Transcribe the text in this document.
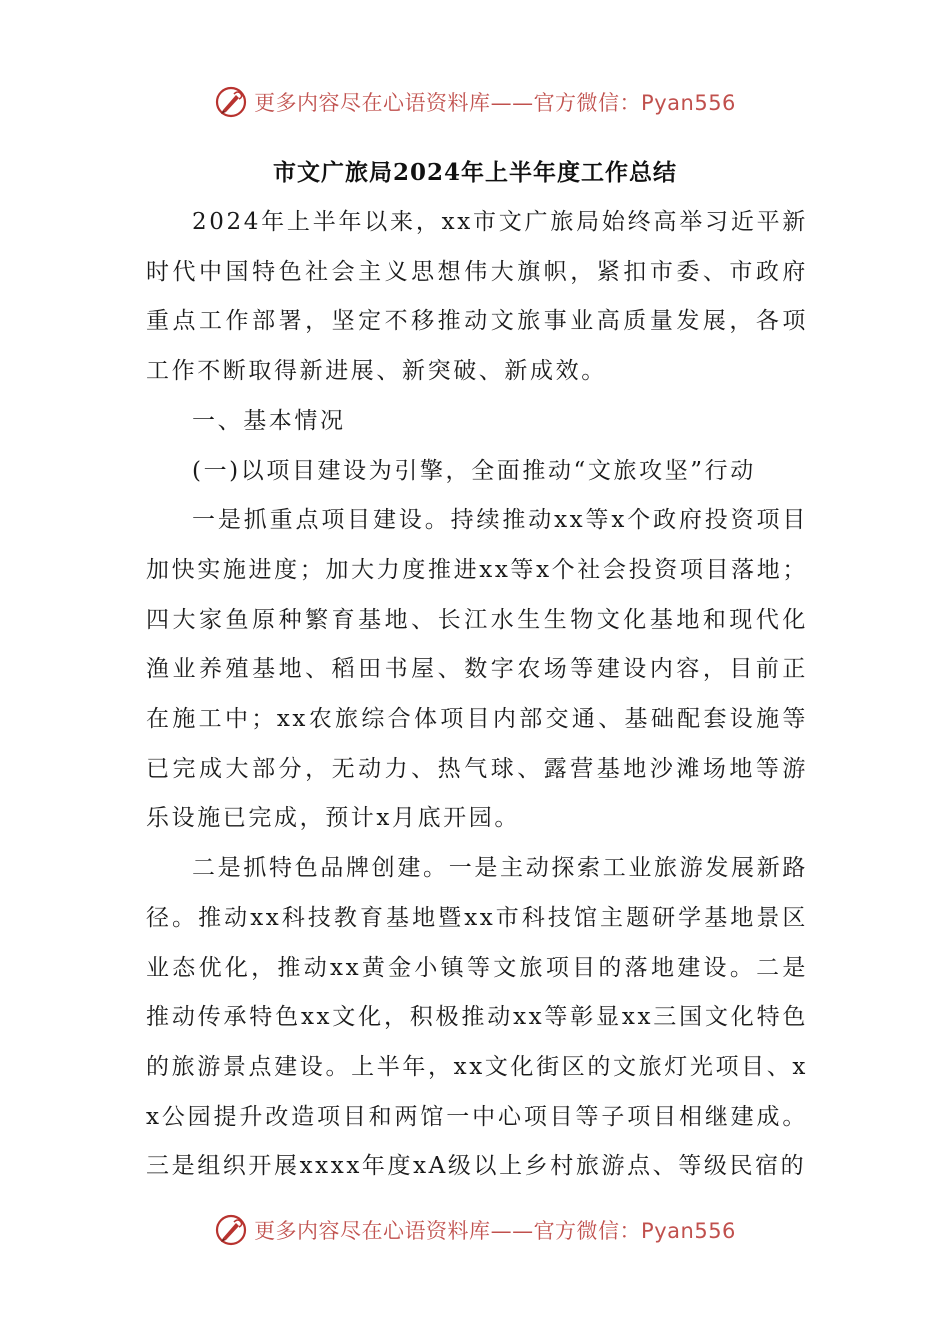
更多内容尽在心语资料库——官方微信：Pyan556
市文广旅局2024年上半年度工作总结

2024年上半年以来，xx市文广旅局始终高举习近平新时代中国特色社会主义思想伟大旗帜，紧扣市委、市政府重点工作部署，坚定不移推动文旅事业高质量发展，各项工作不断取得新进展、新突破、新成效。

一、基本情况

(一)以项目建设为引擎，全面推动“文旅攻坚”行动

一是抓重点项目建设。持续推动xx等x个政府投资项目加快实施进度；加大力度推进xx等x个社会投资项目落地；四大家鱼原种繁育基地、长江水生生物文化基地和现代化渔业养殖基地、稻田书屋、数字农场等建设内容，目前正在施工中；xx农旅综合体项目内部交通、基础配套设施等已完成大部分，无动力、热气球、露营基地沙滩场地等游乐设施已完成，预计x月底开园。

二是抓特色品牌创建。一是主动探索工业旅游发展新路径。推动xx科技教育基地暨xx市科技馆主题研学基地景区业态优化，推动xx黄金小镇等文旅项目的落地建设。二是推动传承特色xx文化，积极推动xx等彰显xx三国文化特色的旅游景点建设。上半年，xx文化街区的文旅灯光项目、xx公园提升改造项目和两馆一中心项目等子项目相继建成。三是组织开展xxxx年度xA级以上乡村旅游点、等级民宿的

更多内容尽在心语资料库——官方微信：Pyan556
